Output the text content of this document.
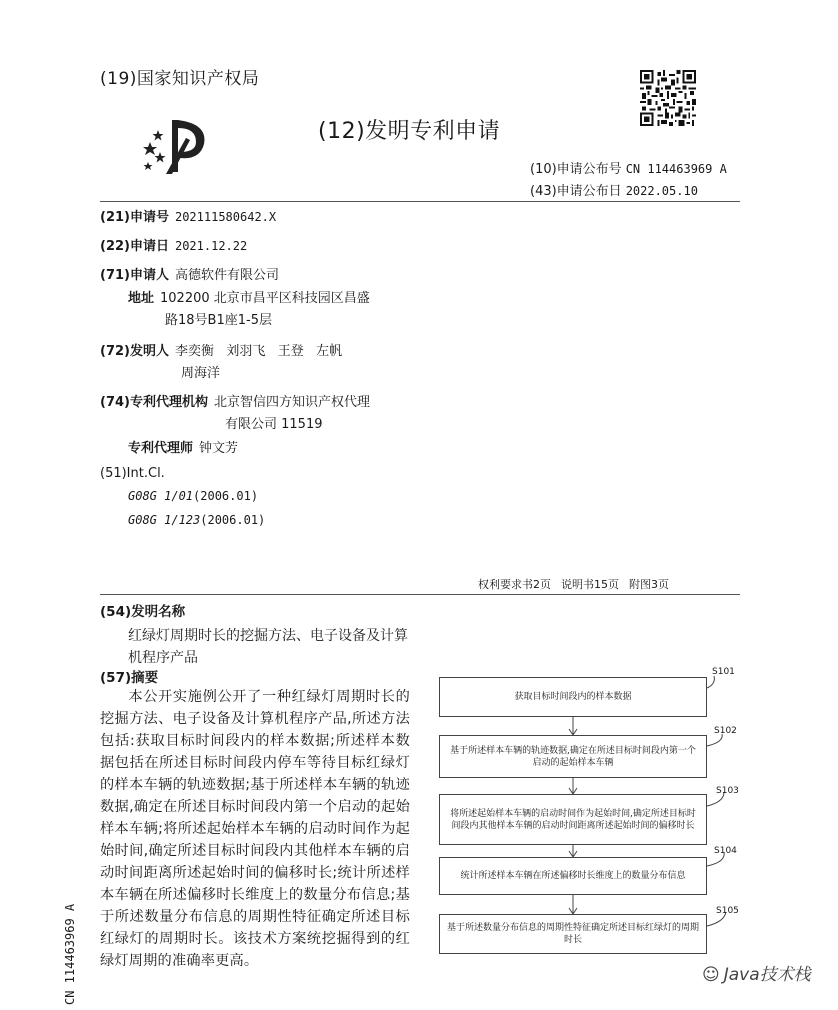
(19)国家知识产权局
(12)发明专利申请
(10)申请公布号 CN 114463969 A
(43)申请公布日 2022.05.10
(21)申请号 202111580642.X
(22)申请日 2021.12.22
(71)申请人 高德软件有限公司
地址 102200 北京市昌平区科技园区昌盛
路18号B1座1-5层
(72)发明人 李奕衡   刘羽飞   王登   左帆
周海洋
(74)专利代理机构 北京智信四方知识产权代理
有限公司 11519
专利代理师 钟文芳
(51)Int.Cl.
G08G 1/01(2006.01)
G08G 1/123(2006.01)
权利要求书2页 说明书15页 附图3页
(54)发明名称
红绿灯周期时长的挖掘方法、电子设备及计算机程序产品
(57)摘要
本公开实施例公开了一种红绿灯周期时长的挖掘方法、电子设备及计算机程序产品,所述方法包括:获取目标时间段内的样本数据;所述样本数据包括在所述目标时间段内停车等待目标红绿灯的样本车辆的轨迹数据;基于所述样本车辆的轨迹数据,确定在所述目标时间段内第一个启动的起始样本车辆;将所述起始样本车辆的启动时间作为起始时间,确定所述目标时间段内其他样本车辆的启动时间距离所述起始时间的偏移时长;统计所述样本车辆在所述偏移时长维度上的数量分布信息;基于所述数量分布信息的周期性特征确定所述目标红绿灯的周期时长。该技术方案统挖掘得到的红绿灯周期的准确率更高。
获取目标时间段内的样本数据
S101
基于所述样本车辆的轨迹数据,确定在所述目标时间段内第一个启动的起始样本车辆
S102
将所述起始样本车辆的启动时间作为起始时间,确定所述目标时间段内其他样本车辆的启动时间距离所述起始时间的偏移时长
S103
统计所述样本车辆在所述偏移时长维度上的数量分布信息
S104
基于所述数量分布信息的周期性特征确定所述目标红绿灯的周期时长
S105
CN 114463969 A	☺ Java技术栈
